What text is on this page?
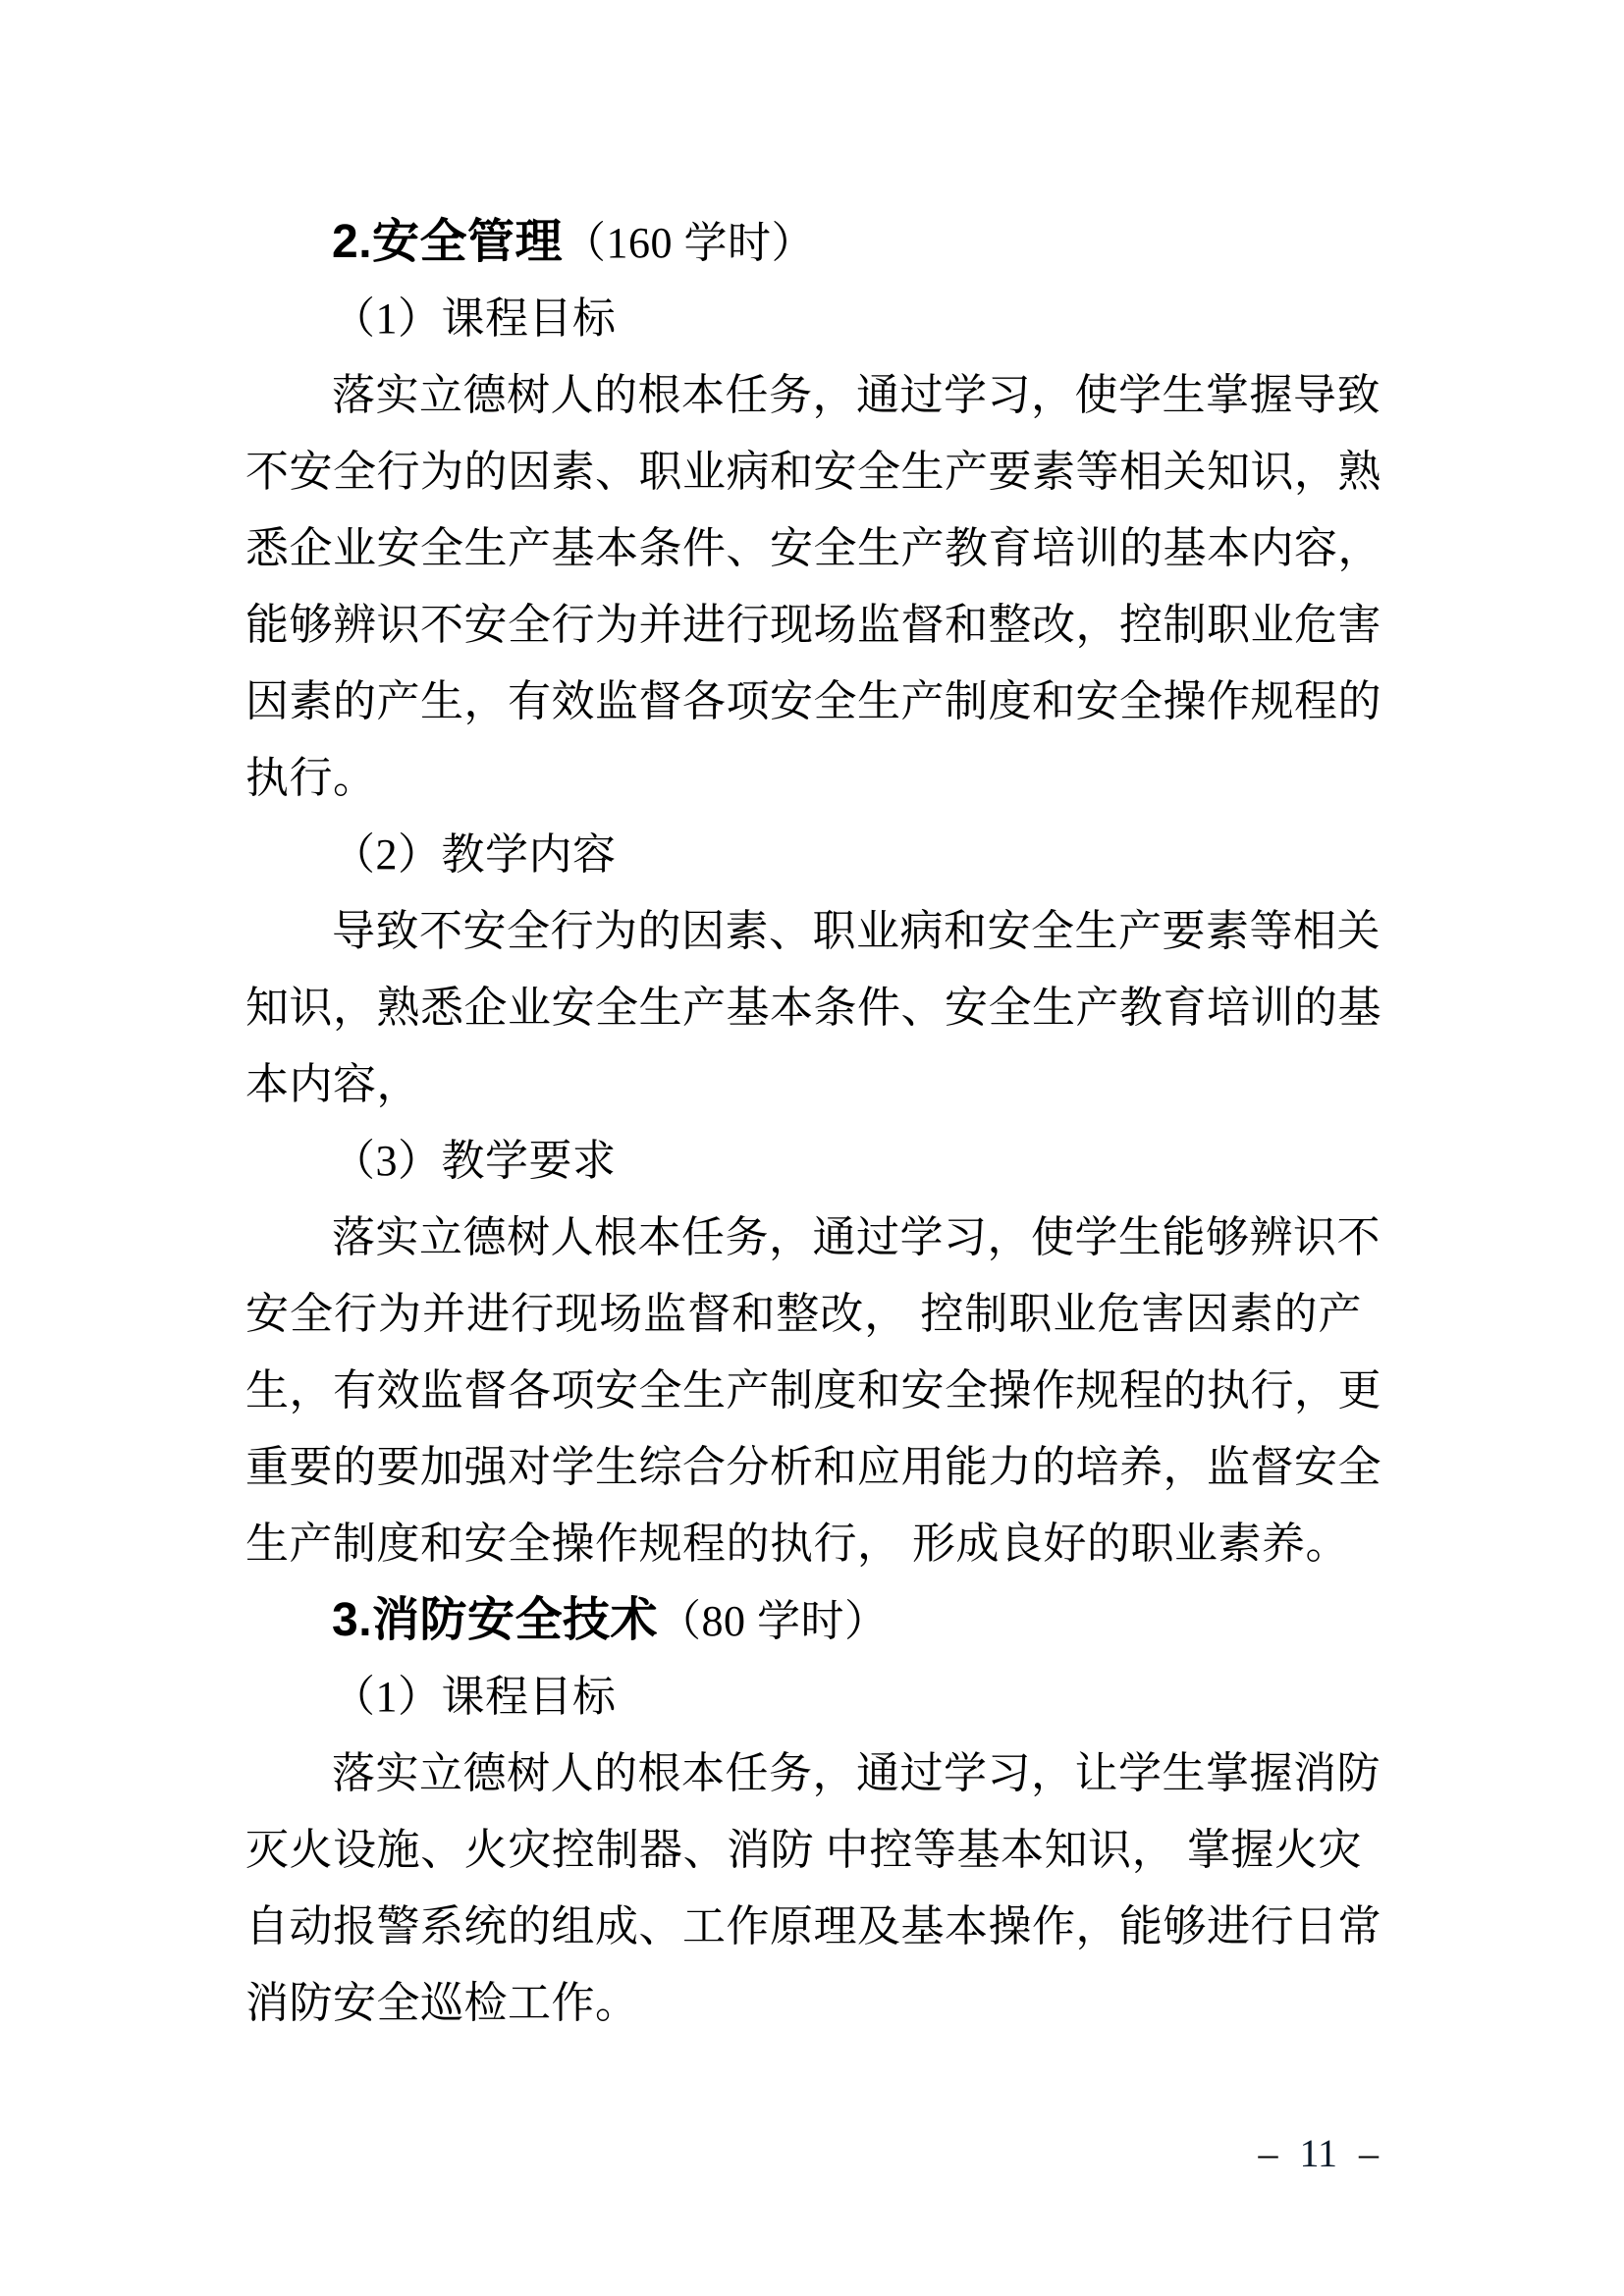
2.安全管理（160 学时）
（1）课程目标
落实立德树人的根本任务，通过学习，使学生掌握导致
不安全行为的因素、职业病和安全生产要素等相关知识，熟
悉企业安全生产基本条件、安全生产教育培训的基本内容，
能够辨识不安全行为并进行现场监督和整改，控制职业危害
因素的产生，有效监督各项安全生产制度和安全操作规程的
执行。
（2）教学内容
导致不安全行为的因素、职业病和安全生产要素等相关
知识，熟悉企业安全生产基本条件、安全生产教育培训的基
本内容，
（3）教学要求
落实立德树人根本任务，通过学习，使学生能够辨识不
安全行为并进行现场监督和整改， 控制职业危害因素的产
生，有效监督各项安全生产制度和安全操作规程的执行，更
重要的要加强对学生综合分析和应用能力的培养，监督安全
生产制度和安全操作规程的执行， 形成良好的职业素养。
3.消防安全技术（80 学时）
（1）课程目标
落实立德树人的根本任务，通过学习，让学生掌握消防
灭火设施、火灾控制器、消防 中控等基本知识， 掌握火灾
自动报警系统的组成、工作原理及基本操作，能够进行日常
消防安全巡检工作。
– 11 –
